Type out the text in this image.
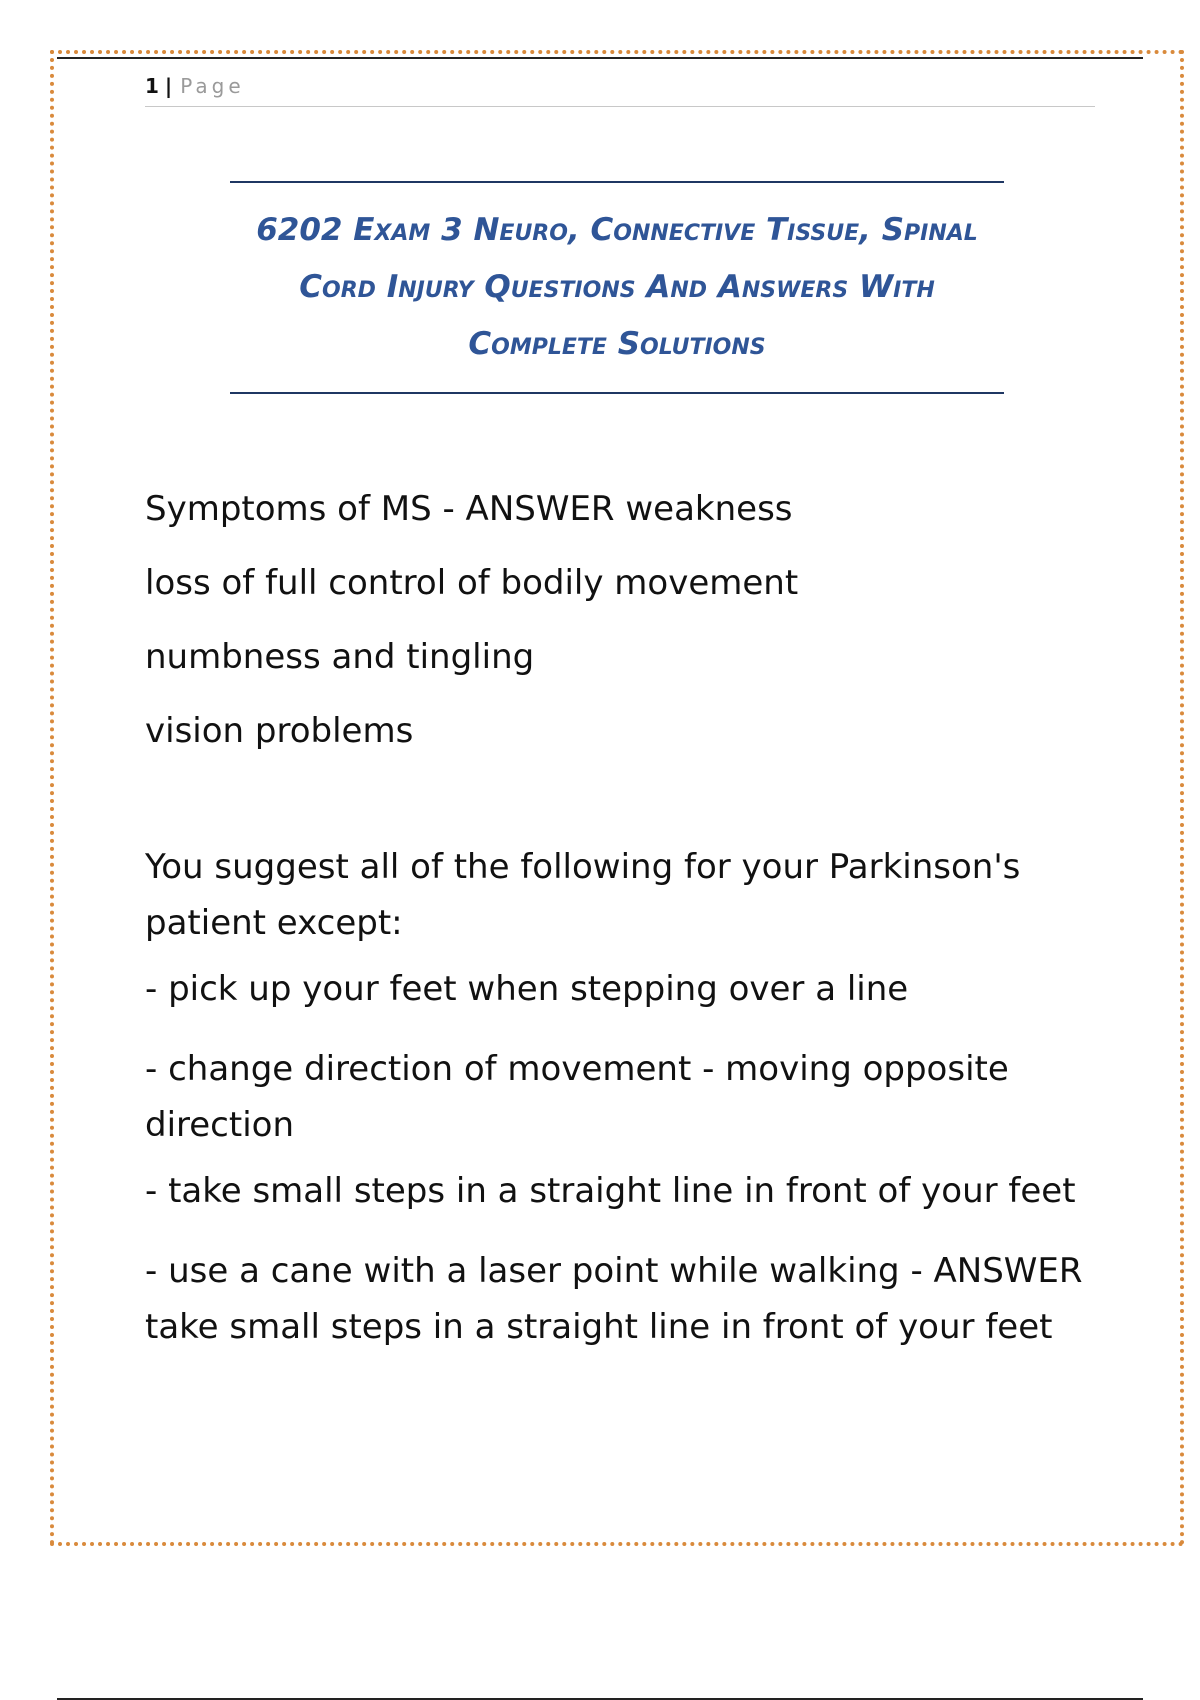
1 | Page
6202 Exam 3 Neuro, Connective Tissue, Spinal Cord Injury Questions And Answers With Complete Solutions

Symptoms of MS - ANSWER weakness

loss of full control of bodily movement

numbness and tingling

vision problems

You suggest all of the following for your Parkinson's patient except:

- pick up your feet when stepping over a line

- change direction of movement - moving opposite direction

- take small steps in a straight line in front of your feet

- use a cane with a laser point while walking - ANSWER take small steps in a straight line in front of your feet
